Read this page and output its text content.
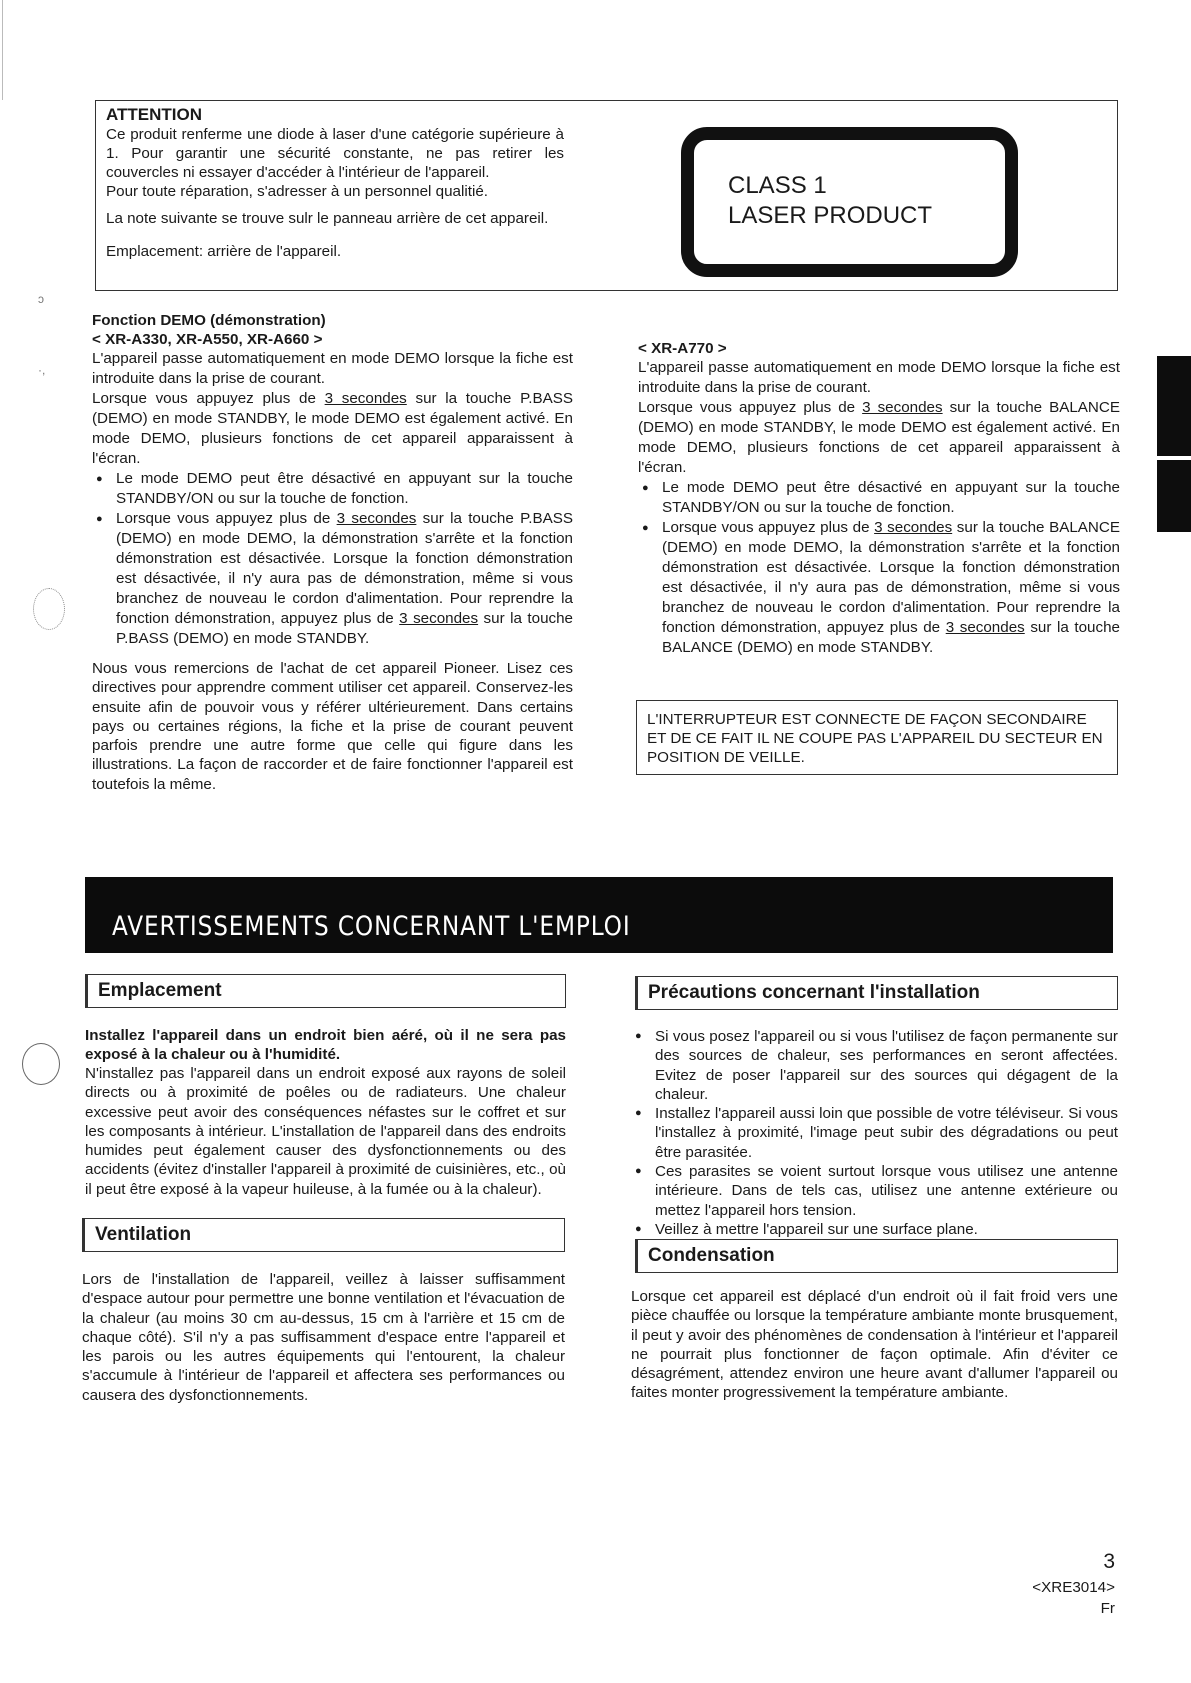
ATTENTION

Ce produit renferme une diode à laser d'une catégorie supérieure à 1. Pour garantir une sécurité constante, ne pas retirer les couvercles ni essayer d'accéder à l'intérieur de l'appareil.

Pour toute réparation, s'adresser à un personnel qualitié.

La note suivante se trouve sulr le panneau arrière de cet appareil.

Emplacement: arrière de l'appareil.

CLASS 1
LASER PRODUCT
Fonction DEMO (démonstration)
< XR-A330, XR-A550, XR-A660 >

L'appareil passe automatiquement en mode DEMO lorsque la fiche est introduite dans la prise de courant.

Lorsque vous appuyez plus de 3 secondes sur la touche P.BASS (DEMO) en mode STANDBY, le mode DEMO est également activé. En mode DEMO, plusieurs fonctions de cet appareil apparaissent à l'écran.

● Le mode DEMO peut être désactivé en appuyant sur la touche STANDBY/ON ou sur la touche de fonction.
● Lorsque vous appuyez plus de 3 secondes sur la touche P.BASS (DEMO) en mode DEMO, la démonstration s'arrête et la fonction démonstration est désactivée. Lorsque la fonction démonstration est désactivée, il n'y aura pas de démonstration, même si vous branchez de nouveau le cordon d'alimentation. Pour reprendre la fonction démonstration, appuyez plus de 3 secondes sur la touche P.BASS (DEMO) en mode STANDBY.

Nous vous remercions de l'achat de cet appareil Pioneer. Lisez ces directives pour apprendre comment utiliser cet appareil. Conservez-les ensuite afin de pouvoir vous y référer ultérieurement. Dans certains pays ou certaines régions, la fiche et la prise de courant peuvent parfois prendre une autre forme que celle qui figure dans les illustrations. La façon de raccorder et de faire fonctionner l'appareil est toutefois la même.

< XR-A770 >

L'appareil passe automatiquement en mode DEMO lorsque la fiche est introduite dans la prise de courant.

Lorsque vous appuyez plus de 3 secondes sur la touche BALANCE (DEMO) en mode STANDBY, le mode DEMO est également activé. En mode DEMO, plusieurs fonctions de cet appareil apparaissent à l'écran.

● Le mode DEMO peut être désactivé en appuyant sur la touche STANDBY/ON ou sur la touche de fonction.
● Lorsque vous appuyez plus de 3 secondes sur la touche BALANCE (DEMO) en mode DEMO, la démonstration s'arrête et la fonction démonstration est désactivée. Lorsque la fonction démonstration est désactivée, il n'y aura pas de démonstration, même si vous branchez de nouveau le cordon d'alimentation. Pour reprendre la fonction démonstration, appuyez plus de 3 secondes sur la touche BALANCE (DEMO) en mode STANDBY.
L'INTERRUPTEUR EST CONNECTE DE FAÇON SECONDAIRE ET DE CE FAIT IL NE COUPE PAS L'APPAREIL DU SECTEUR EN POSITION DE VEILLE.
AVERTISSEMENTS CONCERNANT L'EMPLOI
Emplacement

Installez l'appareil dans un endroit bien aéré, où il ne sera pas exposé à la chaleur ou à l'humidité.

N'installez pas l'appareil dans un endroit exposé aux rayons de soleil directs ou à proximité de poêles ou de radiateurs. Une chaleur excessive peut avoir des conséquences néfastes sur le coffret et sur les composants à intérieur. L'installation de l'appareil dans des endroits humides peut également causer des dysfonctionnements ou des accidents (évitez d'installer l'appareil à proximité de cuisinières, etc., où il peut être exposé à la vapeur huileuse, à la fumée ou à la chaleur).

Ventilation

Lors de l'installation de l'appareil, veillez à laisser suffisamment d'espace autour pour permettre une bonne ventilation et l'évacuation de la chaleur (au moins 30 cm au-dessus, 15 cm à l'arrière et 15 cm de chaque côté). S'il n'y a pas suffisamment d'espace entre l'appareil et les parois ou les autres équipements qui l'entourent, la chaleur s'accumule à l'intérieur de l'appareil et affectera ses performances ou causera des dysfonctionnements.

Précautions concernant l'installation
● Si vous posez l'appareil ou si vous l'utilisez de façon permanente sur des sources de chaleur, ses performances en seront affectées. Evitez de poser l'appareil sur des sources qui dégagent de la chaleur.
● Installez l'appareil aussi loin que possible de votre téléviseur. Si vous l'installez à proximité, l'image peut subir des dégradations ou peut être parasitée.
● Ces parasites se voient surtout lorsque vous utilisez une antenne intérieure. Dans de tels cas, utilisez une antenne extérieure ou mettez l'appareil hors tension.
● Veillez à mettre l'appareil sur une surface plane.
Condensation

Lorsque cet appareil est déplacé d'un endroit où il fait froid vers une pièce chauffée ou lorsque la température ambiante monte brusquement, il peut y avoir des phénomènes de condensation à l'intérieur et l'appareil ne pourrait plus fonctionner de façon optimale. Afin d'éviter ce désagrément, attendez environ une heure avant d'allumer l'appareil ou faites monter progressivement la température ambiante.

3
<XRE3014>
Fr
ↄ
·,
